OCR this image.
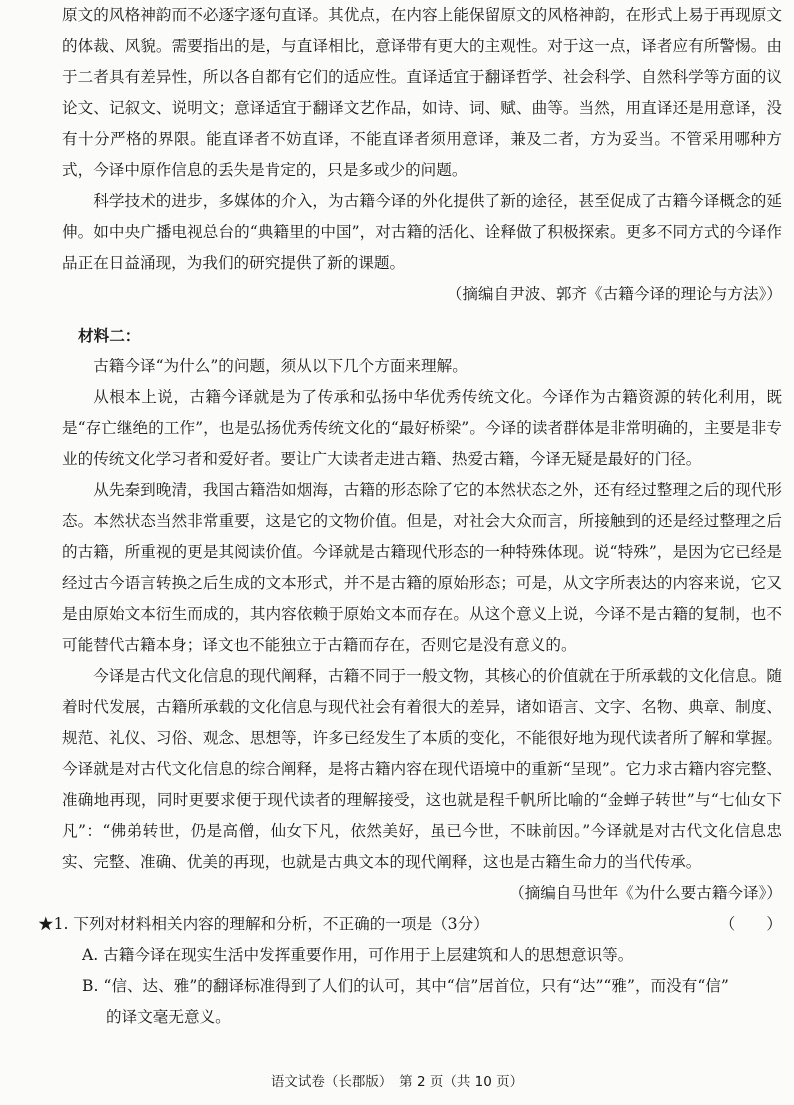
原文的风格神韵而不必逐字逐句直译。其优点，在内容上能保留原文的风格神韵，在形式上易于再现原文的体裁、风貌。需要指出的是，与直译相比，意译带有更大的主观性。对于这一点，译者应有所警惕。由于二者具有差异性，所以各自都有它们的适应性。直译适宜于翻译哲学、社会科学、自然科学等方面的议论文、记叙文、说明文；意译适宜于翻译文艺作品，如诗、词、赋、曲等。当然，用直译还是用意译，没有十分严格的界限。能直译者不妨直译，不能直译者须用意译，兼及二者，方为妥当。不管采用哪种方式，今译中原作信息的丢失是肯定的，只是多或少的问题。

科学技术的进步，多媒体的介入，为古籍今译的外化提供了新的途径，甚至促成了古籍今译概念的延伸。如中央广播电视总台的“典籍里的中国”，对古籍的活化、诠释做了积极探索。更多不同方式的今译作品正在日益涌现，为我们的研究提供了新的课题。

（摘编自尹波、郭齐《古籍今译的理论与方法》）

材料二：

古籍今译“为什么”的问题，须从以下几个方面来理解。

从根本上说，古籍今译就是为了传承和弘扬中华优秀传统文化。今译作为古籍资源的转化利用，既是“存亡继绝的工作”，也是弘扬优秀传统文化的“最好桥梁”。今译的读者群体是非常明确的，主要是非专业的传统文化学习者和爱好者。要让广大读者走进古籍、热爱古籍，今译无疑是最好的门径。

从先秦到晚清，我国古籍浩如烟海，古籍的形态除了它的本然状态之外，还有经过整理之后的现代形态。本然状态当然非常重要，这是它的文物价值。但是，对社会大众而言，所接触到的还是经过整理之后的古籍，所重视的更是其阅读价值。今译就是古籍现代形态的一种特殊体现。说“特殊”，是因为它已经是经过古今语言转换之后生成的文本形式，并不是古籍的原始形态；可是，从文字所表达的内容来说，它又是由原始文本衍生而成的，其内容依赖于原始文本而存在。从这个意义上说，今译不是古籍的复制，也不可能替代古籍本身；译文也不能独立于古籍而存在，否则它是没有意义的。

今译是古代文化信息的现代阐释，古籍不同于一般文物，其核心的价值就在于所承载的文化信息。随着时代发展，古籍所承载的文化信息与现代社会有着很大的差异，诸如语言、文字、名物、典章、制度、规范、礼仪、习俗、观念、思想等，许多已经发生了本质的变化，不能很好地为现代读者所了解和掌握。今译就是对古代文化信息的综合阐释，是将古籍内容在现代语境中的重新“呈现”。它力求古籍内容完整、准确地再现，同时更要求便于现代读者的理解接受，这也就是程千帆所比喻的“金蝉子转世”与“七仙女下凡”：“佛弟转世，仍是高僧，仙女下凡，依然美好，虽已今世，不昧前因。”今译就是对古代文化信息忠实、完整、准确、优美的再现，也就是古典文本的现代阐释，这也是古籍生命力的当代传承。

（摘编自马世年《为什么要古籍今译》）

★1. 下列对材料相关内容的理解和分析，不正确的一项是（3分）	（　　）

A. 古籍今译在现实生活中发挥重要作用，可作用于上层建筑和人的思想意识等。

B. “信、达、雅”的翻译标准得到了人们的认可，其中“信”居首位，只有“达”“雅”，而没有“信”

的译文毫无意义。

语文试卷（长郡版）　第 2 页（共 10 页）
